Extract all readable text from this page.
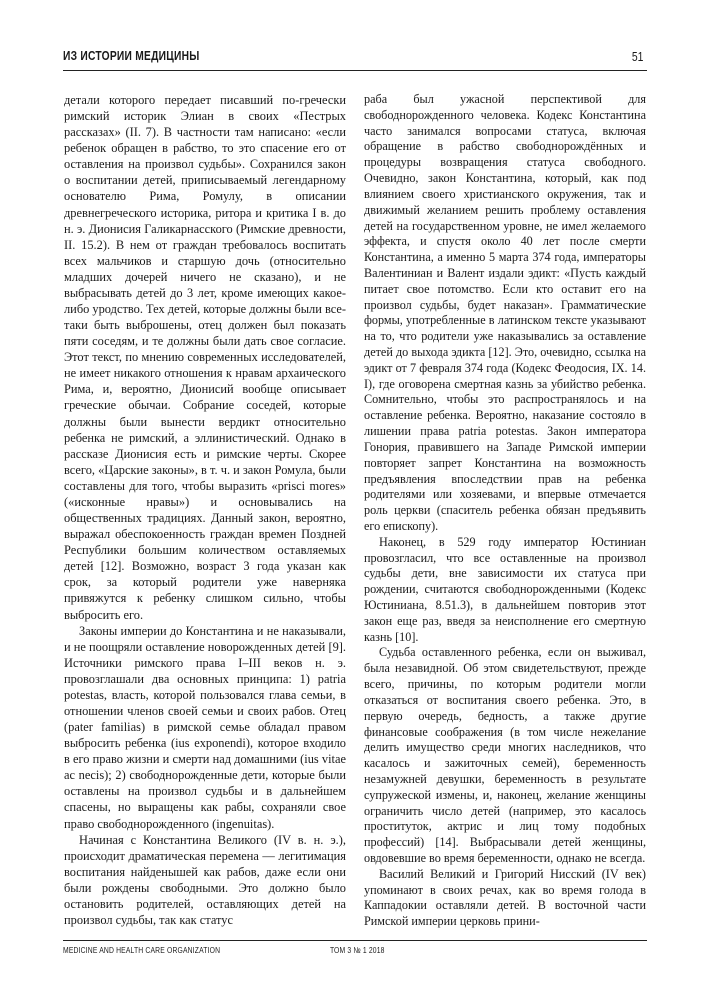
ИЗ ИСТОРИИ МЕДИЦИНЫ	51

детали которого передает писавший по-гречески римский историк Элиан в своих «Пестрых рассказах» (II. 7). В частности там написано: «если ребенок обращен в рабство, то это спасение его от оставления на произвол судьбы». Сохранился закон о воспитании детей, приписываемый легендарному основателю Рима, Ромулу, в описании древнегреческого историка, ритора и критика I в. до н. э. Дионисия Галикарнасского (Римские древности, II. 15.2). В нем от граждан требовалось воспитать всех мальчиков и старшую дочь (относительно младших дочерей ничего не сказано), и не выбрасывать детей до 3 лет, кроме имеющих какое-либо уродство. Тех детей, которые должны были все-таки быть выброшены, отец должен был показать пяти соседям, и те должны были дать свое согласие. Этот текст, по мнению современных исследователей, не имеет никакого отношения к нравам архаического Рима, и, вероятно, Дионисий вообще описывает греческие обычаи. Собрание соседей, которые должны были вынести вердикт относительно ребенка не римский, а эллинистический. Однако в рассказе Дионисия есть и римские черты. Скорее всего, «Царские законы», в т. ч. и закон Ромула, были составлены для того, чтобы выразить «prisci mores» («исконные нравы») и основывались на общественных традициях. Данный закон, вероятно, выражал обеспокоенность граждан времен Поздней Республики большим количеством оставляемых детей [12]. Возможно, возраст 3 года указан как срок, за который родители уже наверняка привяжутся к ребенку слишком сильно, чтобы выбросить его.

Законы империи до Константина и не наказывали, и не поощряли оставление новорожденных детей [9]. Источники римского права I–III веков н. э. провозглашали два основных принципа: 1) patria potestas, власть, которой пользовался глава семьи, в отношении членов своей семьи и своих рабов. Отец (pater familias) в римской семье обладал правом выбросить ребенка (ius exponendi), которое входило в его право жизни и смерти над домашними (ius vitae ac necis); 2) свободнорожденные дети, которые были оставлены на произвол судьбы и в дальнейшем спасены, но выращены как рабы, сохраняли свое право свободнорожденного (ingenuitas).

Начиная с Константина Великого (IV в. н. э.), происходит драматическая перемена — легитимация воспитания найденышей как рабов, даже если они были рождены свободными. Это должно было остановить родителей, оставляющих детей на произвол судьбы, так как статус

раба был ужасной перспективой для свободнорожденного человека. Кодекс Константина часто занимался вопросами статуса, включая обращение в рабство свободнорождённых и процедуры возвращения статуса свободного. Очевидно, закон Константина, который, как под влиянием своего христианского окружения, так и движимый желанием решить проблему оставления детей на государственном уровне, не имел желаемого эффекта, и спустя около 40 лет после смерти Константина, а именно 5 марта 374 года, императоры Валентиниан и Валент издали эдикт: «Пусть каждый питает свое потомство. Если кто оставит его на произвол судьбы, будет наказан». Грамматические формы, употребленные в латинском тексте указывают на то, что родители уже наказывались за оставление детей до выхода эдикта [12]. Это, очевидно, ссылка на эдикт от 7 февраля 374 года (Кодекс Феодосия, IX. 14. I), где оговорена смертная казнь за убийство ребенка. Сомнительно, чтобы это распространялось и на оставление ребенка. Вероятно, наказание состояло в лишении права patria potestas. Закон императора Гонория, правившего на Западе Римской империи повторяет запрет Константина на возможность предъявления впоследствии прав на ребенка родителями или хозяевами, и впервые отмечается роль церкви (спаситель ребенка обязан предъявить его епископу).

Наконец, в 529 году император Юстиниан провозгласил, что все оставленные на произвол судьбы дети, вне зависимости их статуса при рождении, считаются свободнорожденными (Кодекс Юстиниана, 8.51.3), в дальнейшем повторив этот закон еще раз, введя за неисполнение его смертную казнь [10].

Судьба оставленного ребенка, если он выживал, была незавидной. Об этом свидетельствуют, прежде всего, причины, по которым родители могли отказаться от воспитания своего ребенка. Это, в первую очередь, бедность, а также другие финансовые соображения (в том числе нежелание делить имущество среди многих наследников, что касалось и зажиточных семей), беременность незамужней девушки, беременность в результате супружеской измены, и, наконец, желание женщины ограничить число детей (например, это касалось проституток, актрис и лиц тому подобных профессий) [14]. Выбрасывали детей женщины, овдовевшие во время беременности, однако не всегда.

Василий Великий и Григорий Нисский (IV век) упоминают в своих речах, как во время голода в Каппадокии оставляли детей. В восточной части Римской империи церковь прини-

MEDICINE AND HEALTH CARE ORGANIZATION	ТОМ 3 № 1 2018
